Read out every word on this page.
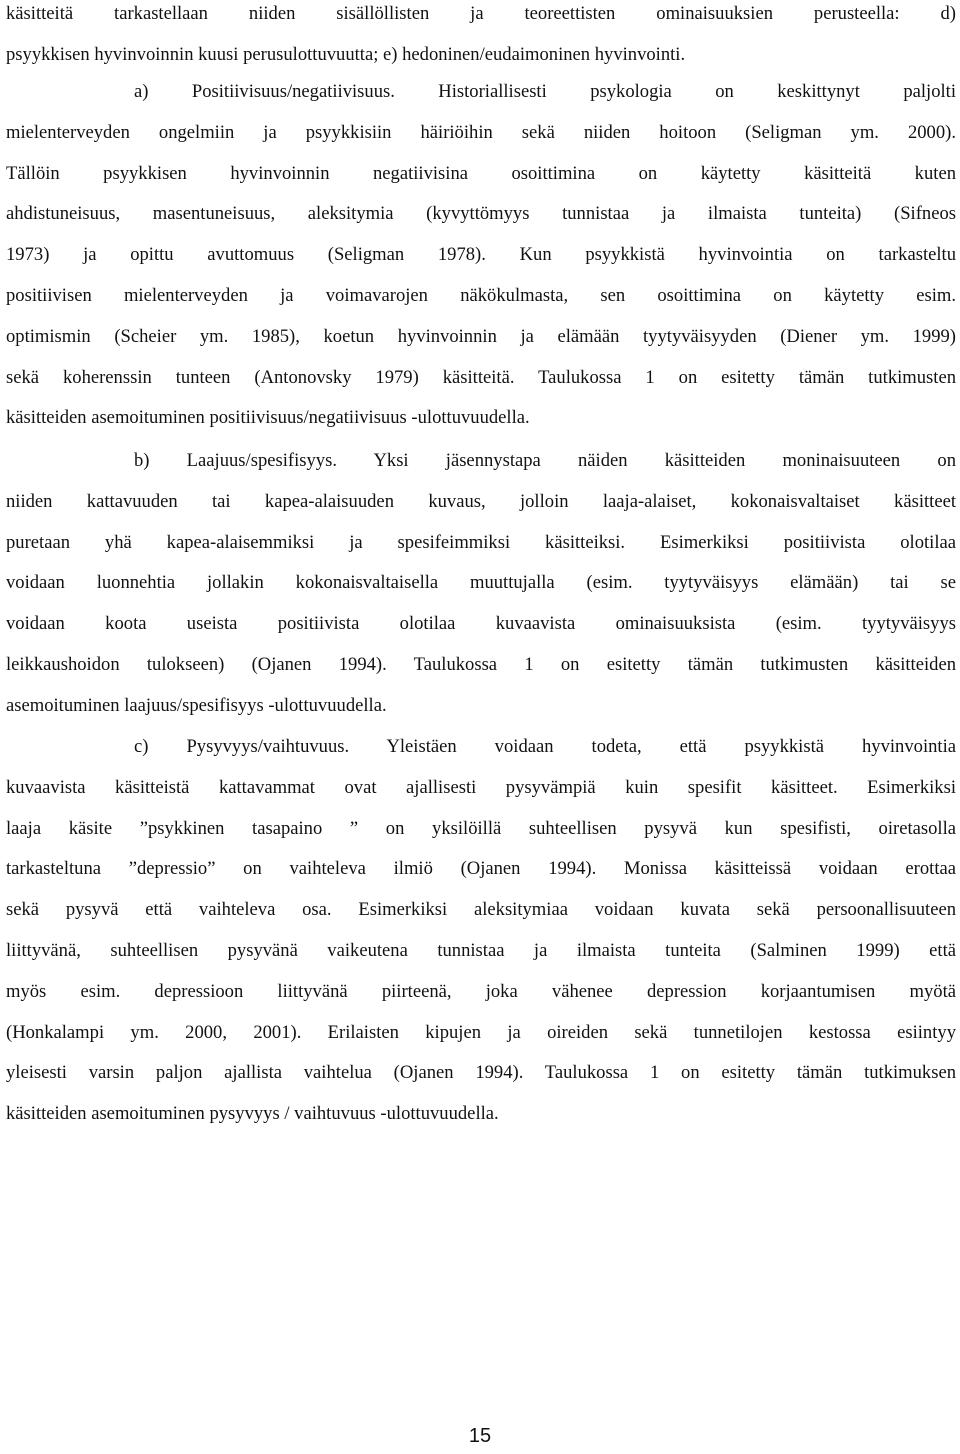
käsitteitä tarkastellaan niiden sisällöllisten ja teoreettisten ominaisuuksien perusteella: d)
psyykkisen hyvinvoinnin kuusi perusulottuvuutta; e) hedoninen/eudaimoninen hyvinvointi.
a) Positiivisuus/negatiivisuus. Historiallisesti psykologia on keskittynyt paljolti
mielenterveyden ongelmiin ja psyykkisiin häiriöihin sekä niiden hoitoon (Seligman ym. 2000).
Tällöin psyykkisen hyvinvoinnin negatiivisina osoittimina on käytetty käsitteitä kuten
ahdistuneisuus, masentuneisuus, aleksitymia (kyvyttömyys tunnistaa ja ilmaista tunteita) (Sifneos
1973) ja opittu avuttomuus (Seligman 1978). Kun psyykkistä hyvinvointia on tarkasteltu
positiivisen mielenterveyden ja voimavarojen näkökulmasta, sen osoittimina on käytetty esim.
optimismin (Scheier ym. 1985), koetun hyvinvoinnin ja elämään tyytyväisyyden (Diener ym. 1999)
sekä koherenssin tunteen (Antonovsky 1979) käsitteitä. Taulukossa 1 on esitetty tämän tutkimusten
käsitteiden asemoituminen positiivisuus/negatiivisuus -ulottuvuudella.
b) Laajuus/spesifisyys. Yksi jäsennystapa näiden käsitteiden moninaisuuteen on
niiden kattavuuden tai kapea-alaisuuden kuvaus, jolloin laaja-alaiset, kokonaisvaltaiset käsitteet
puretaan yhä kapea-alaisemmiksi ja spesifeimmiksi käsitteiksi. Esimerkiksi positiivista olotilaa
voidaan luonnehtia jollakin kokonaisvaltaisella muuttujalla (esim. tyytyväisyys elämään) tai se
voidaan koota useista positiivista olotilaa kuvaavista ominaisuuksista (esim. tyytyväisyys
leikkaushoidon tulokseen) (Ojanen 1994). Taulukossa 1 on esitetty tämän tutkimusten käsitteiden
asemoituminen laajuus/spesifisyys -ulottuvuudella.
c) Pysyvyys/vaihtuvuus. Yleistäen voidaan todeta, että psyykkistä hyvinvointia
kuvaavista käsitteistä kattavammat ovat ajallisesti pysyvämpiä kuin spesifit käsitteet. Esimerkiksi
laaja käsite ”psykkinen tasapaino ” on yksilöillä suhteellisen pysyvä kun spesifisti, oiretasolla
tarkasteltuna ”depressio” on vaihteleva ilmiö (Ojanen 1994). Monissa käsitteissä voidaan erottaa
sekä pysyvä että vaihteleva osa. Esimerkiksi aleksitymiaa voidaan kuvata sekä persoonallisuuteen
liittyvänä, suhteellisen pysyvänä vaikeutena tunnistaa ja ilmaista tunteita (Salminen 1999) että
myös esim. depressioon liittyvänä piirteenä, joka vähenee depression korjaantumisen myötä
(Honkalampi ym. 2000, 2001). Erilaisten kipujen ja oireiden sekä tunnetilojen kestossa esiintyy
yleisesti varsin paljon ajallista vaihtelua (Ojanen 1994). Taulukossa 1 on esitetty tämän tutkimuksen
käsitteiden asemoituminen pysyvyys / vaihtuvuus -ulottuvuudella.
15
